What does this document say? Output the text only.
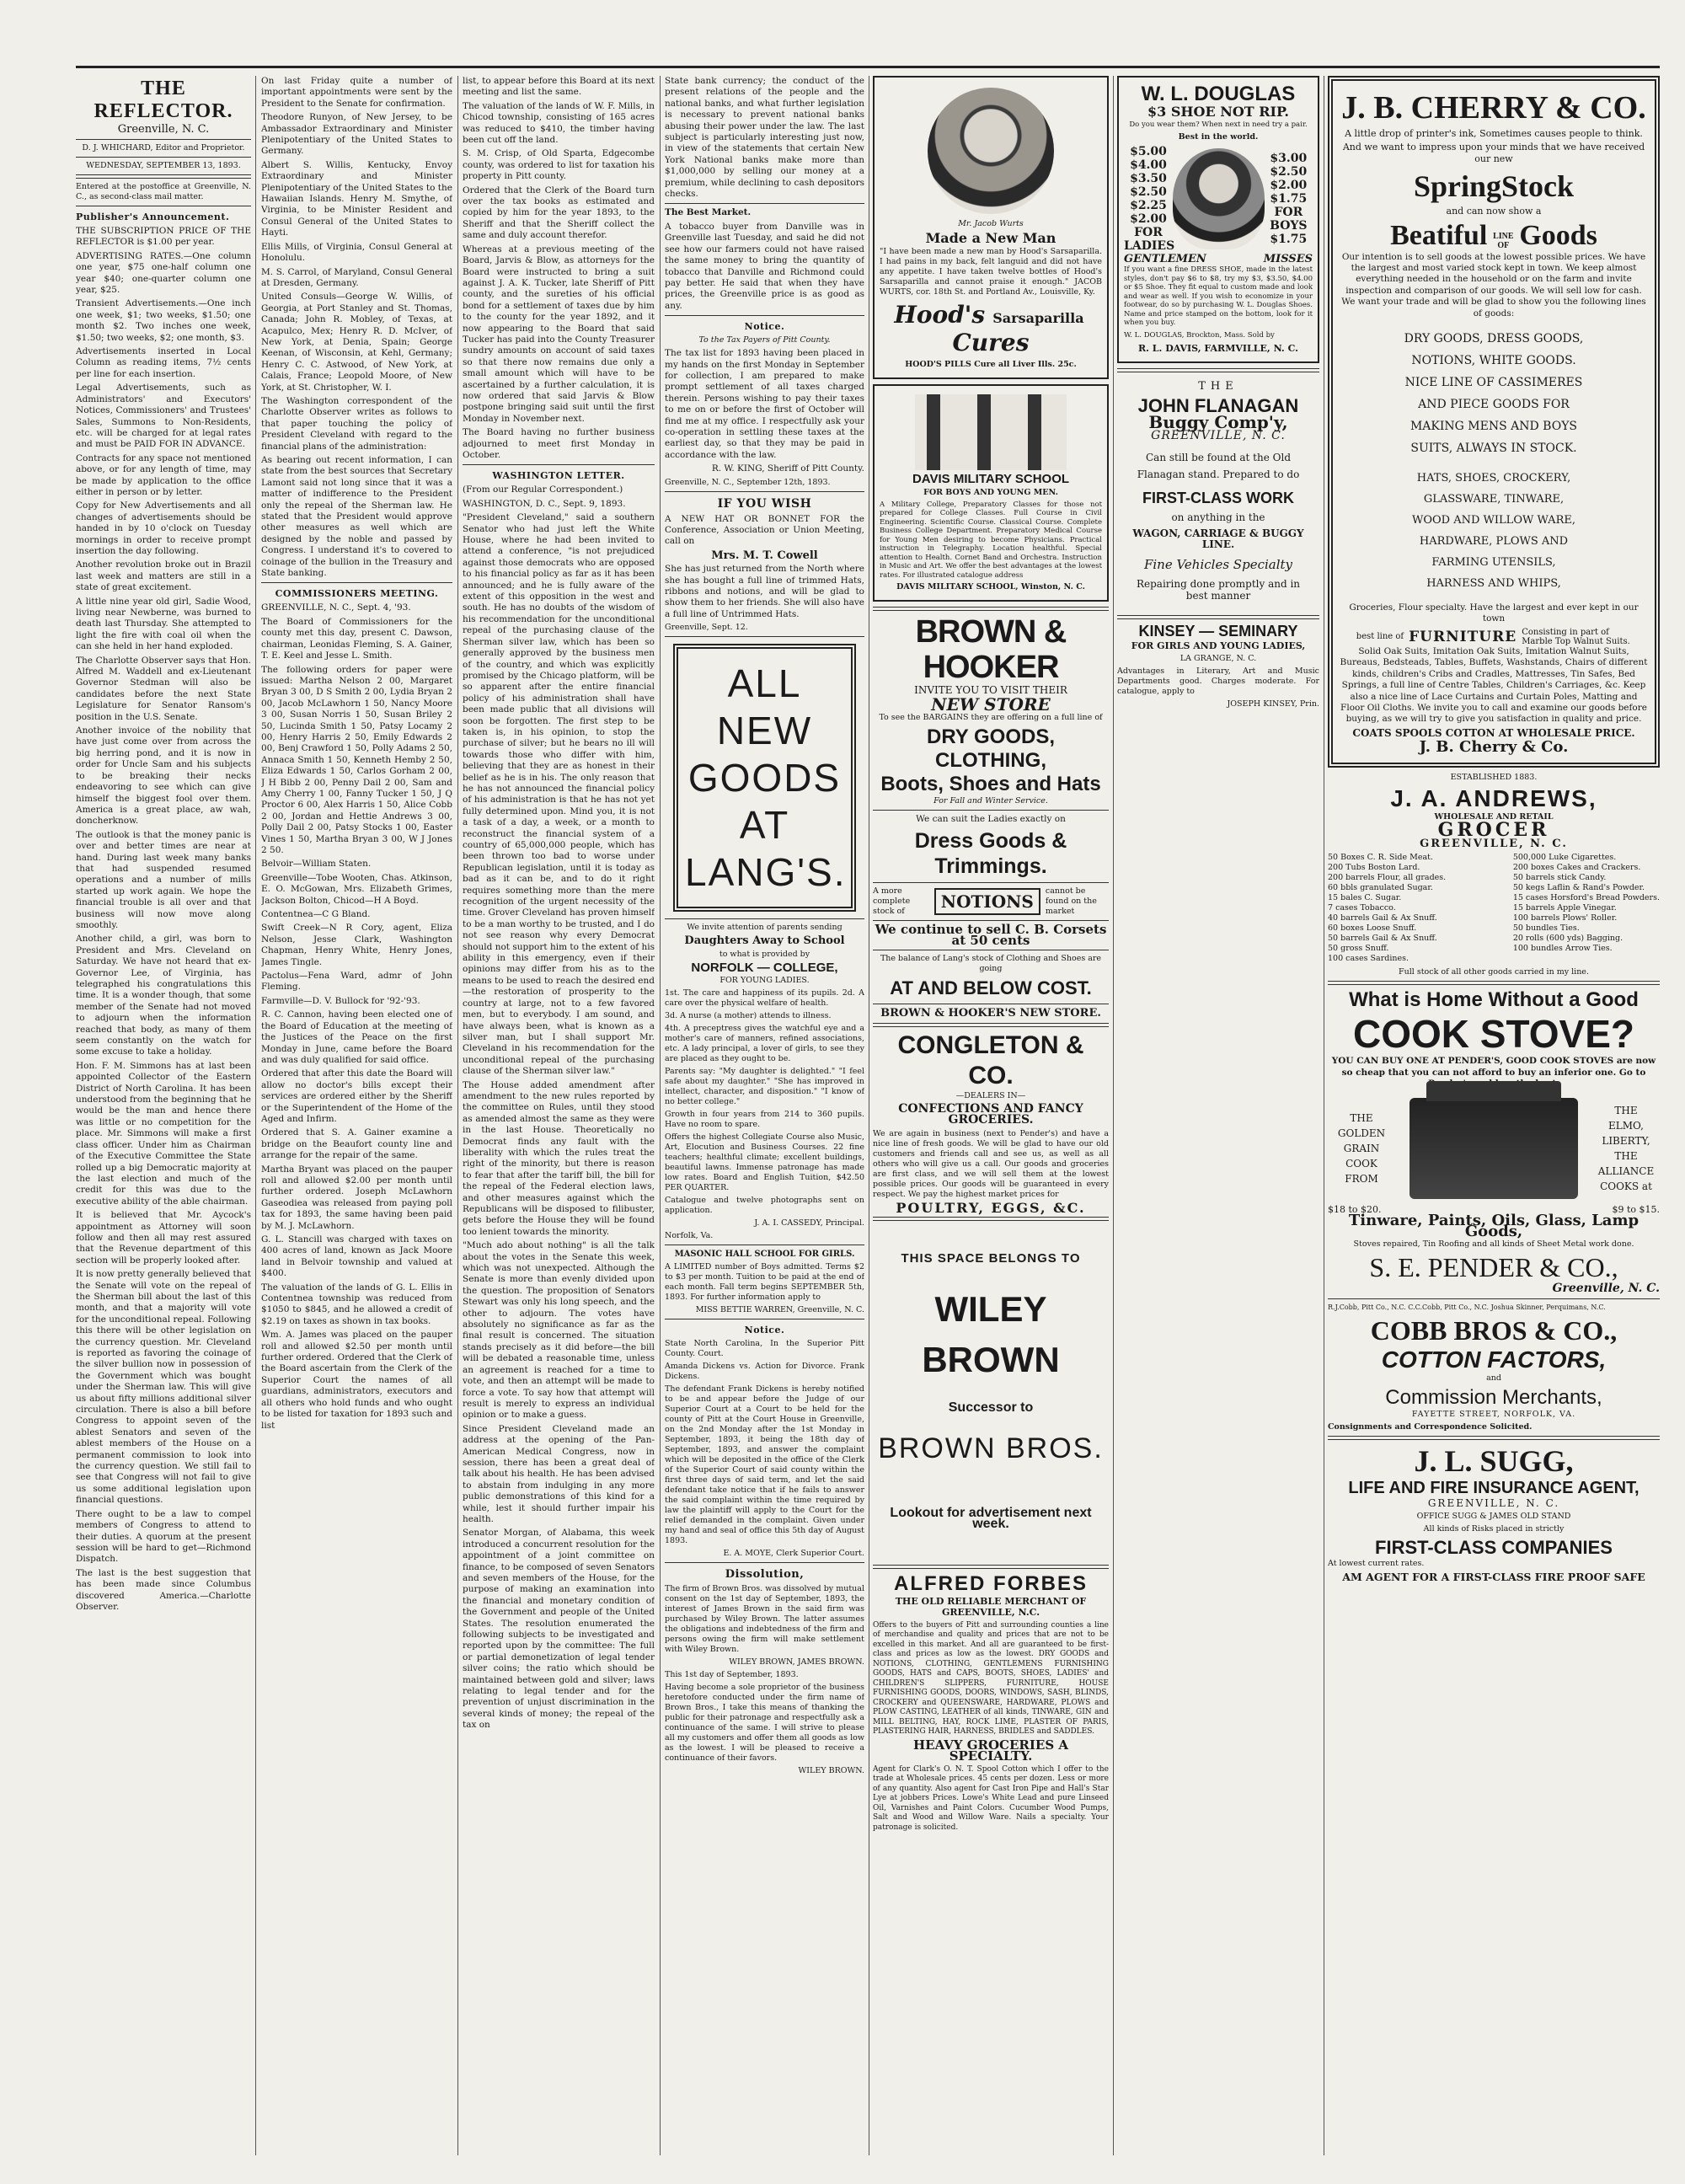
THE REFLECTOR.
Greenville, N. C.

D. J. WHICHARD, Editor and Proprietor.

WEDNESDAY, SEPTEMBER 13, 1893.

Entered at the postoffice at Greenville, N. C., as second-class mail matter.

Publisher's Announcement.

THE SUBSCRIPTION PRICE OF THE REFLECTOR is $1.00 per year.

ADVERTISING RATES.—One column one year, $75 one-half column one year $40; one-quarter column one year, $25.

Transient Advertisements.—One inch one week, $1; two weeks, $1.50; one month $2. Two inches one week, $1.50; two weeks, $2; one month, $3.

Advertisements inserted in Local Column as reading items, 7½ cents per line for each insertion.

Legal Advertisements, such as Administrators' and Executors' Notices, Commissioners' and Trustees' Sales, Summons to Non-Residents, etc. will be charged for at legal rates and must be PAID FOR IN ADVANCE.

Contracts for any space not mentioned above, or for any length of time, may be made by application to the office either in person or by letter.

Copy for New Advertisements and all changes of advertisements should be handed in by 10 o'clock on Tuesday mornings in order to receive prompt insertion the day following.

Another revolution broke out in Brazil last week and matters are still in a state of great excitement.

A little nine year old girl, Sadie Wood, living near Newberne, was burned to death last Thursday. She attempted to light the fire with coal oil when the can she held in her hand exploded.

The Charlotte Observer says that Hon. Alfred M. Waddell and ex-Lieutenant Governor Stedman will also be candidates before the next State Legislature for Senator Ransom's position in the U.S. Senate.

Another invoice of the nobility that have just come over from across the big herring pond, and it is now in order for Uncle Sam and his subjects to be breaking their necks endeavoring to see which can give himself the biggest fool over them. America is a great place, aw wah, doncherknow.

The outlook is that the money panic is over and better times are near at hand. During last week many banks that had suspended resumed operations and a number of mills started up work again. We hope the financial trouble is all over and that business will now move along smoothly.

Another child, a girl, was born to President and Mrs. Cleveland on Saturday. We have not heard that ex-Governor Lee, of Virginia, has telegraphed his congratulations this time. It is a wonder though, that some member of the Senate had not moved to adjourn when the information reached that body, as many of them seem constantly on the watch for some excuse to take a holiday.

Hon. F. M. Simmons has at last been appointed Collector of the Eastern District of North Carolina. It has been understood from the beginning that he would be the man and hence there was little or no competition for the place. Mr. Simmons will make a first class officer. Under him as Chairman of the Executive Committee the State rolled up a big Democratic majority at the last election and much of the credit for this was due to the executive ability of the able chairman.

It is believed that Mr. Aycock's appointment as Attorney will soon follow and then all may rest assured that the Revenue department of this section will be properly looked after.

It is now pretty generally believed that the Senate will vote on the repeal of the Sherman bill about the last of this month, and that a majority will vote for the unconditional repeal. Following this there will be other legislation on the currency question. Mr. Cleveland is reported as favoring the coinage of the silver bullion now in possession of the Government which was bought under the Sherman law. This will give us about fifty millions additional silver circulation. There is also a bill before Congress to appoint seven of the ablest Senators and seven of the ablest members of the House on a permanent commission to look into the currency question. We still fail to see that Congress will not fail to give us some additional legislation upon financial questions.

There ought to be a law to compel members of Congress to attend to their duties. A quorum at the present session will be hard to get—Richmond Dispatch.

The last is the best suggestion that has been made since Columbus discovered America.—Charlotte Observer.

On last Friday quite a number of important appointments were sent by the President to the Senate for confirmation.

Theodore Runyon, of New Jersey, to be Ambassador Extraordinary and Minister Plenipotentiary of the United States to Germany.

Albert S. Willis, Kentucky, Envoy Extraordinary and Minister Plenipotentiary of the United States to the Hawaiian Islands. Henry M. Smythe, of Virginia, to be Minister Resident and Consul General of the United States to Hayti.

Ellis Mills, of Virginia, Consul General at Honolulu.

M. S. Carrol, of Maryland, Consul General at Dresden, Germany.

United Consuls—George W. Willis, of Georgia, at Port Stanley and St. Thomas, Canada; John R. Mobley, of Texas, at Acapulco, Mex; Henry R. D. McIver, of New York, at Denia, Spain; George Keenan, of Wisconsin, at Kehl, Germany; Henry C. C. Astwood, of New York, at Calais, France; Leopold Moore, of New York, at St. Christopher, W. I.

The Washington correspondent of the Charlotte Observer writes as follows to that paper touching the policy of President Cleveland with regard to the financial plans of the administration:

As bearing out recent information, I can state from the best sources that Secretary Lamont said not long since that it was a matter of indifference to the President only the repeal of the Sherman law. He stated that the President would approve other measures as well which are designed by the noble and passed by Congress. I understand it's to covered to coinage of the bullion in the Treasury and State banking.

COMMISSIONERS MEETING.

GREENVILLE, N. C., Sept. 4, '93.

The Board of Commissioners for the county met this day, present C. Dawson, chairman, Leonidas Fleming, S. A. Gainer, T. E. Keel and Jesse L. Smith.

The following orders for paper were issued: Martha Nelson 2 00, Margaret Bryan 3 00, D S Smith 2 00, Lydia Bryan 2 00, Jacob McLawhorn 1 50, Nancy Moore 3 00, Susan Norris 1 50, Susan Briley 2 50, Lucinda Smith 1 50, Patsy Locamy 2 00, Henry Harris 2 50, Emily Edwards 2 00, Benj Crawford 1 50, Polly Adams 2 50, Annaca Smith 1 50, Kenneth Hemby 2 50, Eliza Edwards 1 50, Carlos Gorham 2 00, J H Bibb 2 00, Penny Dail 2 00, Sam and Amy Cherry 1 00, Fanny Tucker 1 50, J Q Proctor 6 00, Alex Harris 1 50, Alice Cobb 2 00, Jordan and Hettie Andrews 3 00, Polly Dail 2 00, Patsy Stocks 1 00, Easter Vines 1 50, Martha Bryan 3 00, W J Jones 2 50.

Belvoir—William Staten.

Greenville—Tobe Wooten, Chas. Atkinson, E. O. McGowan, Mrs. Elizabeth Grimes, Jackson Bolton, Chicod—H A Boyd.

Contentnea—C G Bland.

Swift Creek—N R Cory, agent, Eliza Nelson, Jesse Clark, Washington Chapman, Henry White, Henry Jones, James Tingle.

Pactolus—Fena Ward, admr of John Fleming.

Farmville—D. V. Bullock for '92-'93.

R. C. Cannon, having been elected one of the Board of Education at the meeting of the Justices of the Peace on the first Monday in June, came before the Board and was duly qualified for said office.

Ordered that after this date the Board will allow no doctor's bills except their services are ordered either by the Sheriff or the Superintendent of the Home of the Aged and Infirm.

Ordered that S. A. Gainer examine a bridge on the Beaufort county line and arrange for the repair of the same.

Martha Bryant was placed on the pauper roll and allowed $2.00 per month until further ordered. Joseph McLawhorn Gaseodiea was released from paying poll tax for 1893, the same having been paid by M. J. McLawhorn.

G. L. Stancill was charged with taxes on 400 acres of land, known as Jack Moore land in Belvoir township and valued at $400.

The valuation of the lands of G. L. Ellis in Contentnea township was reduced from $1050 to $845, and he allowed a credit of $2.19 on taxes as shown in tax books.

Wm. A. James was placed on the pauper roll and allowed $2.50 per month until further ordered. Ordered that the Clerk of the Board ascertain from the Clerk of the Superior Court the names of all guardians, administrators, executors and all others who hold funds and who ought to be listed for taxation for 1893 such and list

list, to appear before this Board at its next meeting and list the same.

The valuation of the lands of W. F. Mills, in Chicod township, consisting of 165 acres was reduced to $410, the timber having been cut off the land.

S. M. Crisp, of Old Sparta, Edgecombe county, was ordered to list for taxation his property in Pitt county.

Ordered that the Clerk of the Board turn over the tax books as estimated and copied by him for the year 1893, to the Sheriff and that the Sheriff collect the same and duly account therefor.

Whereas at a previous meeting of the Board, Jarvis & Blow, as attorneys for the Board were instructed to bring a suit against J. A. K. Tucker, late Sheriff of Pitt county, and the sureties of his official bond for a settlement of taxes due by him to the county for the year 1892, and it now appearing to the Board that said Tucker has paid into the County Treasurer sundry amounts on account of said taxes so that there now remains due only a small amount which will have to be ascertained by a further calculation, it is now ordered that said Jarvis & Blow postpone bringing said suit until the first Monday in November next.

The Board having no further business adjourned to meet first Monday in October.

WASHINGTON LETTER.

(From our Regular Correspondent.)

WASHINGTON, D. C., Sept. 9, 1893.

"President Cleveland," said a southern Senator who had just left the White House, where he had been invited to attend a conference, "is not prejudiced against those democrats who are opposed to his financial policy as far as it has been announced; and he is fully aware of the extent of this opposition in the west and south. He has no doubts of the wisdom of his recommendation for the unconditional repeal of the purchasing clause of the Sherman silver law, which has been so generally approved by the business men of the country, and which was explicitly promised by the Chicago platform, will be so apparent after the entire financial policy of his administration shall have been made public that all divisions will soon be forgotten. The first step to be taken is, in his opinion, to stop the purchase of silver; but he bears no ill will towards those who differ with him, believing that they are as honest in their belief as he is in his. The only reason that he has not announced the financial policy of his administration is that he has not yet fully determined upon. Mind you, it is not a task of a day, a week, or a month to reconstruct the financial system of a country of 65,000,000 people, which has been thrown too bad to worse under Republican legislation, until it is today as bad as it can be, and to do it right requires something more than the mere recognition of the urgent necessity of the time. Grover Cleveland has proven himself to be a man worthy to be trusted, and I do not see reason why every Democrat should not support him to the extent of his ability in this emergency, even if their opinions may differ from his as to the means to be used to reach the desired end—the restoration of prosperity to the country at large, not to a few favored men, but to everybody. I am sound, and have always been, what is known as a silver man, but I shall support Mr. Cleveland in his recommendation for the unconditional repeal of the purchasing clause of the Sherman silver law."

The House added amendment after amendment to the new rules reported by the committee on Rules, until they stood as amended almost the same as they were in the last House. Theoretically no Democrat finds any fault with the liberality with which the rules treat the right of the minority, but there is reason to fear that after the tariff bill, the bill for the repeal of the Federal election laws, and other measures against which the Republicans will be disposed to filibuster, gets before the House they will be found too lenient towards the minority.

"Much ado about nothing" is all the talk about the votes in the Senate this week, which was not unexpected. Although the Senate is more than evenly divided upon the question. The proposition of Senators Stewart was only his long speech, and the other to adjourn. The votes have absolutely no significance as far as the final result is concerned. The situation stands precisely as it did before—the bill will be debated a reasonable time, unless an agreement is reached for a time to vote, and then an attempt will be made to force a vote. To say how that attempt will result is merely to express an individual opinion or to make a guess.

Since President Cleveland made an address at the opening of the Pan-American Medical Congress, now in session, there has been a great deal of talk about his health. He has been advised to abstain from indulging in any more public demonstrations of this kind for a while, lest it should further impair his health.

Senator Morgan, of Alabama, this week introduced a concurrent resolution for the appointment of a joint committee on finance, to be composed of seven Senators and seven members of the House, for the purpose of making an examination into the financial and monetary condition of the Government and people of the United States. The resolution enumerated the following subjects to be investigated and reported upon by the committee: The full or partial demonetization of legal tender silver coins; the ratio which should be maintained between gold and silver; laws relating to legal tender and for the prevention of unjust discrimination in the several kinds of money; the repeal of the tax on

State bank currency; the conduct of the present relations of the people and the national banks, and what further legislation is necessary to prevent national banks abusing their power under the law. The last subject is particularly interesting just now, in view of the statements that certain New York National banks make more than $1,000,000 by selling our money at a premium, while declining to cash depositors checks.

The Best Market.

A tobacco buyer from Danville was in Greenville last Tuesday, and said he did not see how our farmers could not have raised the same money to bring the quantity of tobacco that Danville and Richmond could pay better. He said that when they have prices, the Greenville price is as good as any.

Notice.

To the Tax Payers of Pitt County.

The tax list for 1893 having been placed in my hands on the first Monday in September for collection, I am prepared to make prompt settlement of all taxes charged therein. Persons wishing to pay their taxes to me on or before the first of October will find me at my office. I respectfully ask your co-operation in settling these taxes at the earliest day, so that they may be paid in accordance with the law.

R. W. KING, Sheriff of Pitt County.

Greenville, N. C., September 12th, 1893.

IF YOU WISH

A NEW HAT OR BONNET FOR the Conference, Association or Union Meeting, call on

Mrs. M. T. Cowell

She has just returned from the North where she has bought a full line of trimmed Hats, ribbons and notions, and will be glad to show them to her friends. She will also have a full line of Untrimmed Hats.

Greenville, Sept. 12.

ALL
NEW
GOODS
AT
LANG'S.

We invite attention of parents sending

Daughters Away to School

to what is provided by

NORFOLK — COLLEGE,

FOR YOUNG LADIES.

1st. The care and happiness of its pupils. 2d. A care over the physical welfare of health.

3d. A nurse (a mother) attends to illness.

4th. A preceptress gives the watchful eye and a mother's care of manners, refined associations, etc. A lady principal, a lover of girls, to see they are placed as they ought to be.

Parents say: "My daughter is delighted." "I feel safe about my daughter." "She has improved in intellect, character, and disposition." "I know of no better college."

Growth in four years from 214 to 360 pupils. Have no room to spare.

Offers the highest Collegiate Course also Music, Art, Elocution and Business Courses. 22 fine teachers; healthful climate; excellent buildings, beautiful lawns. Immense patronage has made low rates. Board and English Tuition, $42.50 PER QUARTER.

Catalogue and twelve photographs sent on application.

J. A. I. CASSEDY, Principal.

Norfolk, Va.

MASONIC HALL SCHOOL FOR GIRLS.

A LIMITED number of Boys admitted. Terms $2 to $3 per month. Tuition to be paid at the end of each month. Fall term begins SEPTEMBER 5th, 1893. For further information apply to

MISS BETTIE WARREN, Greenville, N. C.

Notice.

State North Carolina, In the Superior Pitt County. Court.

Amanda Dickens vs. Action for Divorce. Frank Dickens.

The defendant Frank Dickens is hereby notified to be and appear before the Judge of our Superior Court at a Court to be held for the county of Pitt at the Court House in Greenville, on the 2nd Monday after the 1st Monday in September, 1893, it being the 18th day of September, 1893, and answer the complaint which will be deposited in the office of the Clerk of the Superior Court of said county within the first three days of said term, and let the said defendant take notice that if he fails to answer the said complaint within the time required by law the plaintiff will apply to the Court for the relief demanded in the complaint. Given under my hand and seal of office this 5th day of August 1893.

E. A. MOYE, Clerk Superior Court.

Dissolution,

The firm of Brown Bros. was dissolved by mutual consent on the 1st day of September, 1893, the interest of James Brown in the said firm was purchased by Wiley Brown. The latter assumes the obligations and indebtedness of the firm and persons owing the firm will make settlement with Wiley Brown.

WILEY BROWN, JAMES BROWN.

This 1st day of September, 1893.

Having become a sole proprietor of the business heretofore conducted under the firm name of Brown Bros., I take this means of thanking the public for their patronage and respectfully ask a continuance of the same. I will strive to please all my customers and offer them all goods as low as the lowest. I will be pleased to receive a continuance of their favors.

WILEY BROWN.

Mr. Jacob Wurts

Made a New Man

"I have been made a new man by Hood's Sarsaparilla. I had pains in my back, felt languid and did not have any appetite. I have taken twelve bottles of Hood's Sarsaparilla and cannot praise it enough." JACOB WURTS, cor. 18th St. and Portland Av., Louisville, Ky.

Hood's Sarsaparilla Cures

HOOD'S PILLS Cure all Liver Ills. 25c.

DAVIS MILITARY SCHOOL

FOR BOYS AND YOUNG MEN.

A Military College, Preparatory Classes for those not prepared for College Classes. Full Course in Civil Engineering. Scientific Course. Classical Course. Complete Business College Department. Preparatory Medical Course for Young Men desiring to become Physicians. Practical instruction in Telegraphy. Location healthful. Special attention to Health. Cornet Band and Orchestra. Instruction in Music and Art. We offer the best advantages at the lowest rates. For illustrated catalogue address

DAVIS MILITARY SCHOOL, Winston, N. C.

BROWN & HOOKER

INVITE YOU TO VISIT THEIR

NEW STORE

To see the BARGAINS they are offering on a full line of

DRY GOODS, CLOTHING,
Boots, Shoes and Hats

For Fall and Winter Service.

We can suit the Ladies exactly on

Dress Goods & Trimmings.
A more complete stock of	NOTIONS
cannot be found on the market

We continue to sell C. B. Corsets at 50 cents

The balance of Lang's stock of Clothing and Shoes are going

AT AND BELOW COST.

BROWN & HOOKER'S NEW STORE.

CONGLETON & CO.

—DEALERS IN—

CONFECTIONS AND FANCY GROCERIES.

We are again in business (next to Pender's) and have a nice line of fresh goods. We will be glad to have our old customers and friends call and see us, as well as all others who will give us a call. Our goods and groceries are first class, and we will sell them at the lowest possible prices. Our goods will be guaranteed in every respect. We pay the highest market prices for

POULTRY, EGGS, &C.

THIS SPACE BELONGS TO

WILEY BROWN

Successor to

BROWN BROS.

Lookout for advertisement next week.

ALFRED FORBES

THE OLD RELIABLE MERCHANT OF GREENVILLE, N.C.

Offers to the buyers of Pitt and surrounding counties a line of merchandise and quality and prices that are not to be excelled in this market. And all are guaranteed to be first-class and prices as low as the lowest. DRY GOODS and NOTIONS, CLOTHING, GENTLEMENS FURNISHING GOODS, HATS and CAPS, BOOTS, SHOES, LADIES' and CHILDREN'S SLIPPERS, FURNITURE, HOUSE FURNISHING GOODS, DOORS, WINDOWS, SASH, BLINDS, CROCKERY and QUEENSWARE, HARDWARE, PLOWS and PLOW CASTING, LEATHER of all kinds, TINWARE, GIN and MILL BELTING, HAY, ROCK LIME, PLASTER OF PARIS, PLASTERING HAIR, HARNESS, BRIDLES and SADDLES.

HEAVY GROCERIES A SPECIALTY.

Agent for Clark's O. N. T. Spool Cotton which I offer to the trade at Wholesale prices. 45 cents per dozen. Less or more of any quantity. Also agent for Cast Iron Pipe and Hall's Star Lye at jobbers Prices. Lowe's White Lead and pure Linseed Oil, Varnishes and Paint Colors. Cucumber Wood Pumps, Salt and Wood and Willow Ware. Nails a specialty. Your patronage is solicited.

W. L. DOUGLAS

$3 SHOE NOT RIP.

Do you wear them? When next in need try a pair.

Best in the world.

$5.00
$4.00
$3.50
$2.50
$2.25
$2.00
FOR LADIES
$3.00
$2.50
$2.00
$1.75
FOR BOYS
$1.75
GENTLEMEN	MISSES

If you want a fine DRESS SHOE, made in the latest styles, don't pay $6 to $8, try my $3, $3.50, $4.00 or $5 Shoe. They fit equal to custom made and look and wear as well. If you wish to economize in your footwear, do so by purchasing W. L. Douglas Shoes. Name and price stamped on the bottom, look for it when you buy.

W. L. DOUGLAS, Brockton, Mass. Sold by

R. L. DAVIS, FARMVILLE, N. C.

THE

JOHN FLANAGAN

Buggy Comp'y,

GREENVILLE, N. C.

Can still be found at the Old Flanagan stand. Prepared to do

FIRST-CLASS WORK

on anything in the

WAGON, CARRIAGE & BUGGY LINE.

Fine Vehicles Specialty

Repairing done promptly and in best manner

KINSEY — SEMINARY

FOR GIRLS AND YOUNG LADIES,

LA GRANGE, N. C.

Advantages in Literary, Art and Music Departments good. Charges moderate. For catalogue, apply to

JOSEPH KINSEY, Prin.

J. B. CHERRY & CO.

A little drop of printer's ink, Sometimes causes people to think.

And we want to impress upon your minds that we have received our new

SpringStock

and can now show a

Beatiful LINE OF Goods

Our intention is to sell goods at the lowest possible prices. We have the largest and most varied stock kept in town. We keep almost everything needed in the household or on the farm and invite inspection and comparison of our goods. We will sell low for cash. We want your trade and will be glad to show you the following lines of goods:

DRY GOODS, DRESS GOODS,
NOTIONS, WHITE GOODS.
NICE LINE OF CASSIMERES
AND PIECE GOODS FOR
MAKING MENS AND BOYS
SUITS, ALWAYS IN STOCK.
HATS, SHOES, CROCKERY,
GLASSWARE, TINWARE,
WOOD AND WILLOW WARE,
HARDWARE, PLOWS AND
FARMING UTENSILS,
HARNESS AND WHIPS,

Groceries, Flour specialty. Have the largest and ever kept in our town

best line of FURNITURE Consisting in part of Marble Top Walnut Suits.

Solid Oak Suits, Imitation Oak Suits, Imitation Walnut Suits, Bureaus, Bedsteads, Tables, Buffets, Washstands, Chairs of different kinds, children's Cribs and Cradles, Mattresses, Tin Safes, Bed Springs, a full line of Centre Tables, Children's Carriages, &c. Keep also a nice line of Lace Curtains and Curtain Poles, Matting and Floor Oil Cloths. We invite you to call and examine our goods before buying, as we will try to give you satisfaction in quality and price.

COATS SPOOLS COTTON AT WHOLESALE PRICE.

J. B. Cherry & Co.

ESTABLISHED 1883.

J. A. ANDREWS,

WHOLESALE AND RETAIL

GROCER

GREENVILLE, N. C.

50 Boxes C. R. Side Meat.
200 Tubs Boston Lard.
200 barrels Flour, all grades.
60 bbls granulated Sugar.
15 bales C. Sugar.
7 cases Tobacco.
40 barrels Gail & Ax Snuff.
60 boxes Loose Snuff.
50 barrels Gail & Ax Snuff.
50 gross Snuff.
100 cases Sardines.
500,000 Luke Cigarettes.
200 boxes Cakes and Crackers.
50 barrels stick Candy.
50 kegs Laflin & Rand's Powder.
15 cases Horsford's Bread Powders.
15 barrels Apple Vinegar.
100 barrels Plows' Roller.
50 bundles Ties.
20 rolls (600 yds) Bagging.
100 bundles Arrow Ties.

Full stock of all other goods carried in my line.

What is Home Without a Good
COOK STOVE?

YOU CAN BUY ONE AT PENDER'S, GOOD COOK STOVES are now so cheap that you can not afford to buy an inferior one. Go to

THE
GOLDEN
GRAIN
COOK
FROM
THE
ELMO,
LIBERTY,
THE
ALLIANCE
COOKS at
$18 to $20.	$9 to $15.

Tinware, Paints, Oils, Glass, Lamp Goods,

Stoves repaired, Tin Roofing and all kinds of Sheet Metal work done.

S. E. PENDER & CO.,

Greenville, N. C.

R.J.Cobb, Pitt Co., N.C. C.C.Cobb, Pitt Co., N.C. Joshua Skinner, Perquimans, N.C.

COBB BROS & CO.,
COTTON FACTORS,

and

Commission Merchants,

FAYETTE STREET, NORFOLK, VA.

Consignments and Correspondence Solicited.

J. L. SUGG,
LIFE AND FIRE INSURANCE AGENT,

GREENVILLE, N. C.

OFFICE SUGG & JAMES OLD STAND

All kinds of Risks placed in strictly

FIRST-CLASS COMPANIES

At lowest current rates.

AM AGENT FOR A FIRST-CLASS FIRE PROOF SAFE
